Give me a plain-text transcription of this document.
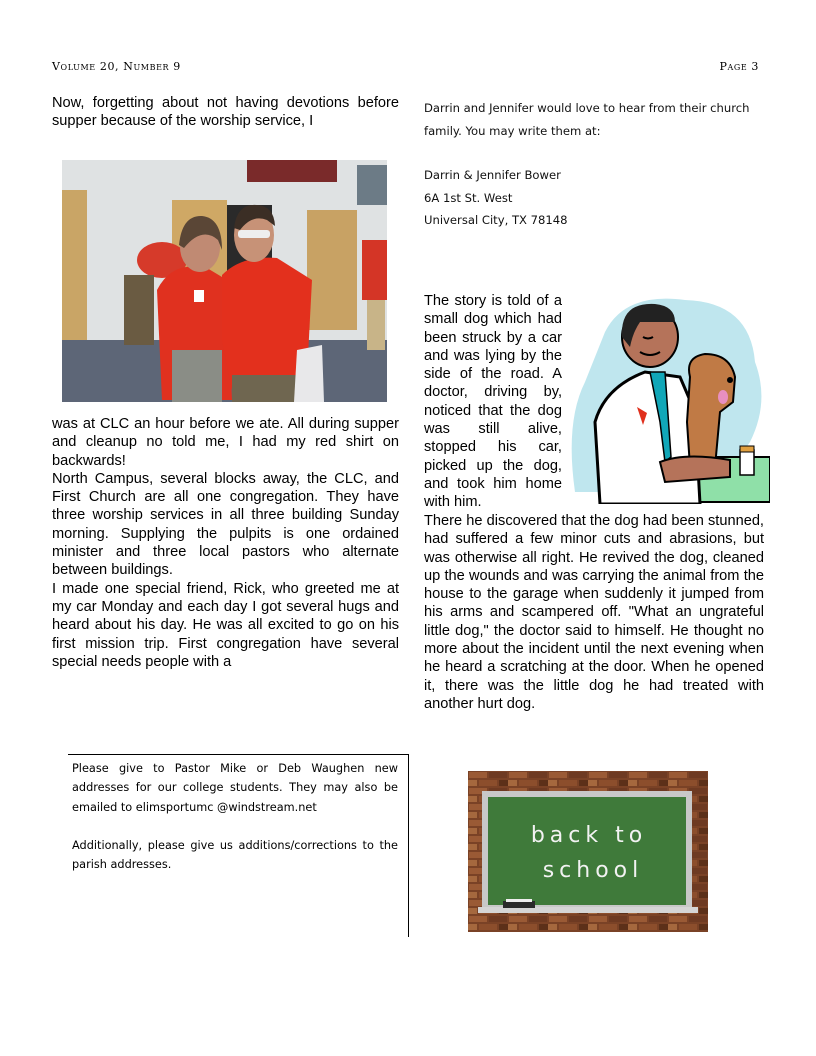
Volume 20, Number 9	Page 3

Now, forgetting about not having devotions before supper because of the worship service, I

was at CLC an hour before we ate. All during supper and cleanup no told me, I had my red shirt on backwards!

North Campus, several blocks away, the CLC, and First Church are all one congregation. They have three worship services in all three building Sunday morning. Supplying the pulpits is one ordained minister and three local pastors who alternate between buildings.

I made one special friend, Rick, who greeted me at my car Monday and each day I got several hugs and heard about his day. He was all excited to go on his first mission trip. First congregation have several special needs people with a

Darrin and Jennifer would love to hear from their church family. You may write them at:

Darrin & Jennifer Bower
6A 1st St. West
Universal City, TX 78148

The story is told of a small dog which had been struck by a car and was lying by the side of the road. A doctor, driving by, noticed that the dog was still alive, stopped his car, picked up the dog, and took him home with him.

There he discovered that the dog had been stunned, had suffered a few minor cuts and abrasions, but was otherwise all right. He revived the dog, cleaned up the wounds and was carrying the animal from the house to the garage when suddenly it jumped from his arms and scampered off. "What an ungrateful little dog," the doctor said to himself. He thought no more about the incident until the next evening when he heard a scratching at the door. When he opened it, there was the little dog he had treated with another hurt dog.

Please give to Pastor Mike or Deb Waughen new addresses for our college students. They may also be emailed to elimsportumc @windstream.net

Additionally, please give us additions/corrections to the parish addresses.

back to
school
